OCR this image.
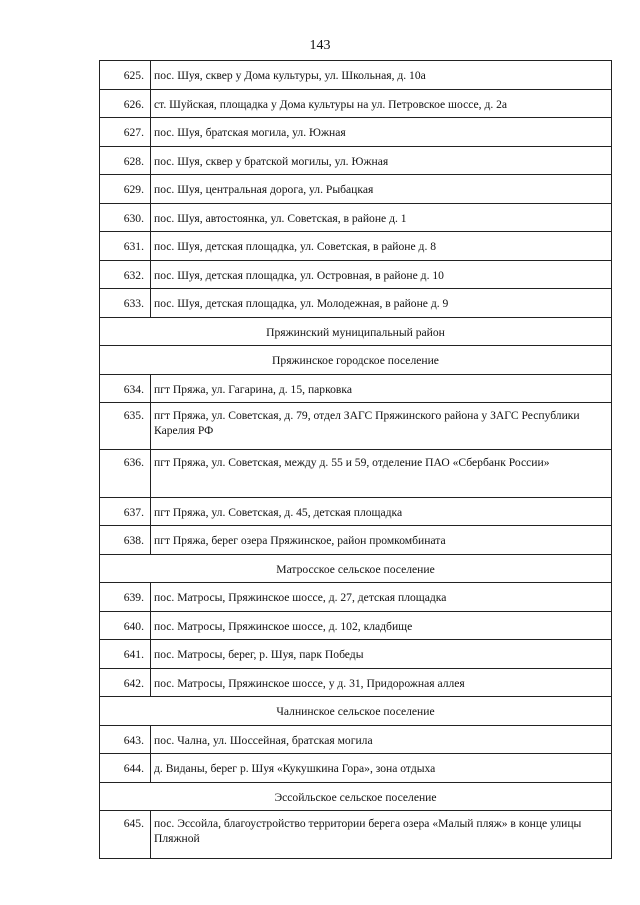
143
625.	пос. Шуя, сквер у Дома культуры, ул. Школьная, д. 10а
626.	ст. Шуйская, площадка у Дома культуры на ул. Петровское шоссе, д. 2а
627.	пос. Шуя, братская могила, ул. Южная
628.	пос. Шуя, сквер у братской могилы, ул. Южная
629.	пос. Шуя, центральная дорога, ул. Рыбацкая
630.	пос. Шуя, автостоянка, ул. Советская, в районе д. 1
631.	пос. Шуя, детская площадка, ул. Советская, в районе д. 8
632.	пос. Шуя, детская площадка, ул. Островная, в районе д. 10
633.	пос. Шуя, детская площадка, ул. Молодежная, в районе д. 9
Пряжинский муниципальный район	
Пряжинское городское поселение	
634.	пгт Пряжа, ул. Гагарина, д. 15, парковка
635.	пгт Пряжа, ул. Советская, д. 79, отдел ЗАГС Пряжинского района у ЗАГС Республики Карелия РФ
636.	пгт Пряжа, ул. Советская, между д. 55 и 59, отделение ПАО «Сбербанк России»
637.	пгт Пряжа, ул. Советская, д. 45, детская площадка
638.	пгт Пряжа, берег озера Пряжинское, район промкомбината
Матросское сельское поселение	
639.	пос. Матросы, Пряжинское шоссе, д. 27, детская площадка
640.	пос. Матросы, Пряжинское шоссе, д. 102, кладбище
641.	пос. Матросы, берег, р. Шуя, парк Победы
642.	пос. Матросы, Пряжинское шоссе, у д. 31, Придорожная аллея
Чалнинское сельское поселение	
643.	пос. Чална, ул. Шоссейная, братская могила
644.	д. Виданы, берег р. Шуя «Кукушкина Гора», зона отдыха
Эссойльское сельское поселение	
645.	пос. Эссойла, благоустройство территории берега озера «Малый пляж» в конце улицы Пляжной
